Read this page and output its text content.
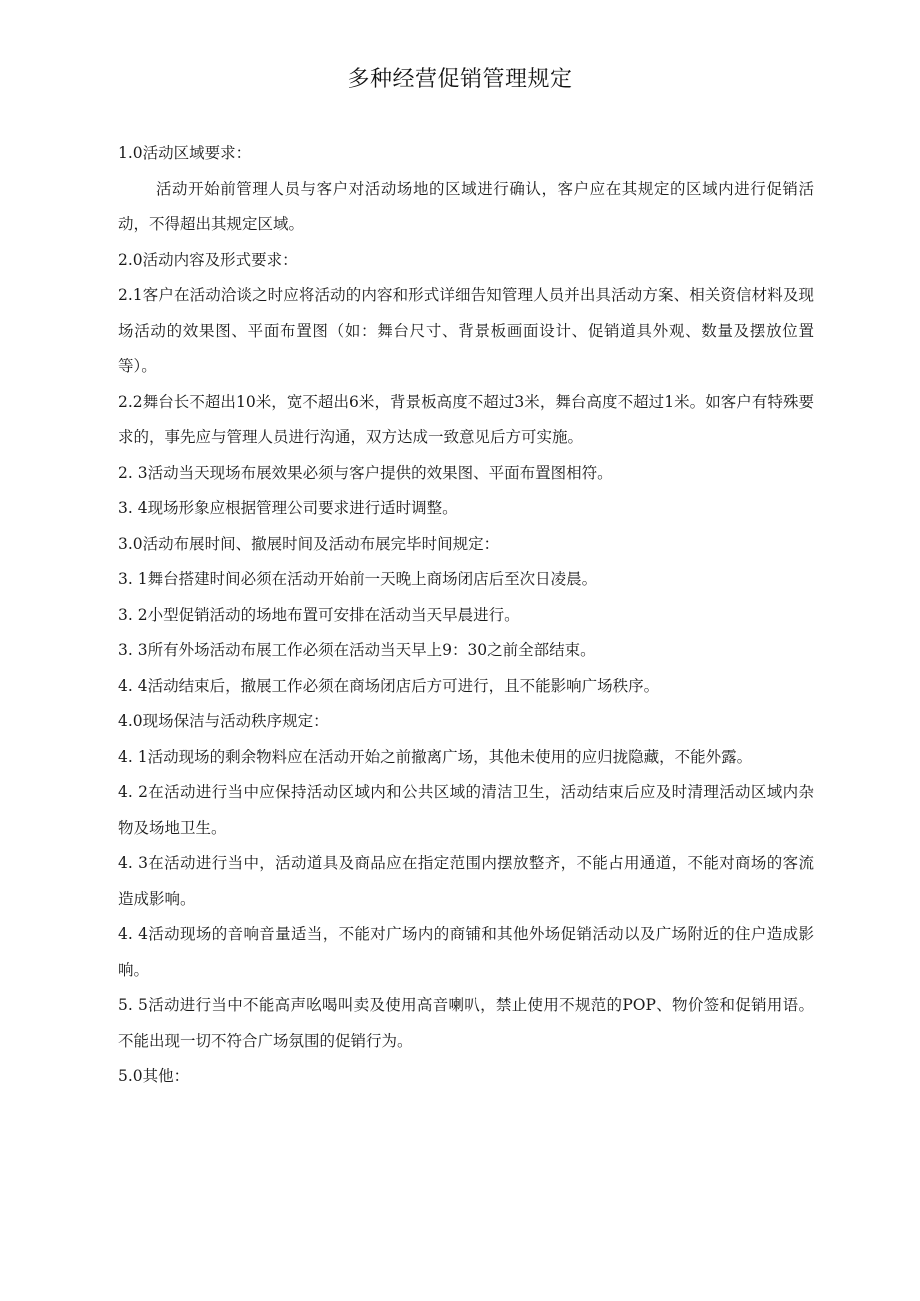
多种经营促销管理规定

1.0活动区域要求：

活动开始前管理人员与客户对活动场地的区域进行确认，客户应在其规定的区域内进行促销活动，不得超出其规定区域。

2.0活动内容及形式要求：

2.1客户在活动洽谈之时应将活动的内容和形式详细告知管理人员并出具活动方案、相关资信材料及现场活动的效果图、平面布置图（如：舞台尺寸、背景板画面设计、促销道具外观、数量及摆放位置等）。

2.2舞台长不超出10米，宽不超出6米，背景板高度不超过3米，舞台高度不超过1米。如客户有特殊要求的，事先应与管理人员进行沟通，双方达成一致意见后方可实施。

2. 3活动当天现场布展效果必须与客户提供的效果图、平面布置图相符。

3. 4现场形象应根据管理公司要求进行适时调整。

3.0活动布展时间、撤展时间及活动布展完毕时间规定：

3. 1舞台搭建时间必须在活动开始前一天晚上商场闭店后至次日凌晨。

3. 2小型促销活动的场地布置可安排在活动当天早晨进行。

3. 3所有外场活动布展工作必须在活动当天早上9：30之前全部结束。

4. 4活动结束后，撤展工作必须在商场闭店后方可进行，且不能影响广场秩序。

4.0现场保洁与活动秩序规定：

4. 1活动现场的剩余物料应在活动开始之前撤离广场，其他未使用的应归拢隐藏，不能外露。

4. 2在活动进行当中应保持活动区域内和公共区域的清洁卫生，活动结束后应及时清理活动区域内杂物及场地卫生。

4. 3在活动进行当中，活动道具及商品应在指定范围内摆放整齐，不能占用通道，不能对商场的客流造成影响。

4. 4活动现场的音响音量适当，不能对广场内的商铺和其他外场促销活动以及广场附近的住户造成影响。

5. 5活动进行当中不能高声吆喝叫卖及使用高音喇叭，禁止使用不规范的POP、物价签和促销用语。不能出现一切不符合广场氛围的促销行为。

5.0其他：
